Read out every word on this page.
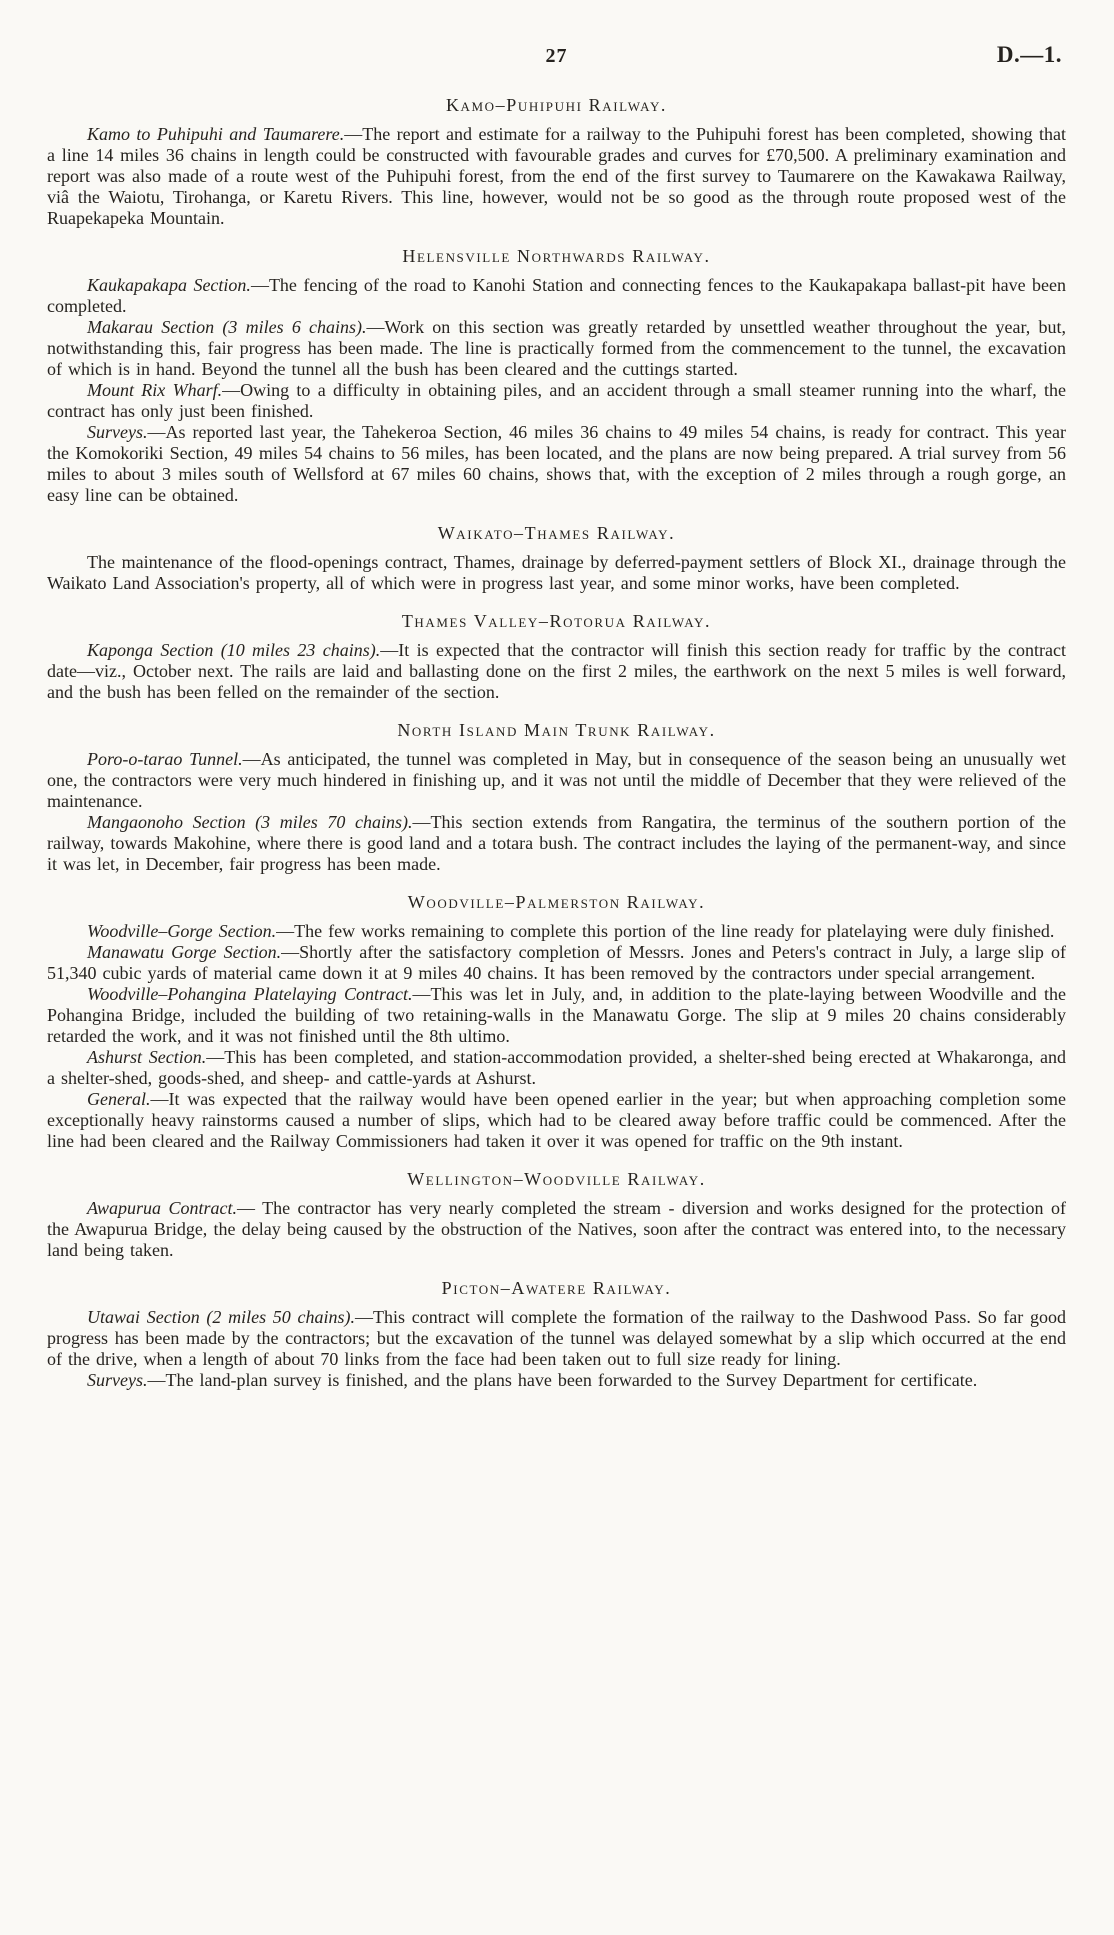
27	D.—1.
Kamo–Puhipuhi Railway.

Kamo to Puhipuhi and Taumarere.—The report and estimate for a railway to the Puhipuhi forest has been completed, showing that a line 14 miles 36 chains in length could be constructed with favourable grades and curves for £70,500. A preliminary examination and report was also made of a route west of the Puhipuhi forest, from the end of the first survey to Taumarere on the Kawakawa Railway, viâ the Waiotu, Tirohanga, or Karetu Rivers. This line, however, would not be so good as the through route proposed west of the Ruapekapeka Mountain.

Helensville Northwards Railway.

Kaukapakapa Section.—The fencing of the road to Kanohi Station and connecting fences to the Kaukapakapa ballast-pit have been completed.

Makarau Section (3 miles 6 chains).—Work on this section was greatly retarded by unsettled weather throughout the year, but, notwithstanding this, fair progress has been made. The line is practically formed from the commencement to the tunnel, the excavation of which is in hand. Beyond the tunnel all the bush has been cleared and the cuttings started.

Mount Rix Wharf.—Owing to a difficulty in obtaining piles, and an accident through a small steamer running into the wharf, the contract has only just been finished.

Surveys.—As reported last year, the Tahekeroa Section, 46 miles 36 chains to 49 miles 54 chains, is ready for contract. This year the Komokoriki Section, 49 miles 54 chains to 56 miles, has been located, and the plans are now being prepared. A trial survey from 56 miles to about 3 miles south of Wellsford at 67 miles 60 chains, shows that, with the exception of 2 miles through a rough gorge, an easy line can be obtained.

Waikato–Thames Railway.

The maintenance of the flood-openings contract, Thames, drainage by deferred-payment settlers of Block XI., drainage through the Waikato Land Association's property, all of which were in progress last year, and some minor works, have been completed.

Thames Valley–Rotorua Railway.

Kaponga Section (10 miles 23 chains).—It is expected that the contractor will finish this section ready for traffic by the contract date—viz., October next. The rails are laid and ballasting done on the first 2 miles, the earthwork on the next 5 miles is well forward, and the bush has been felled on the remainder of the section.

North Island Main Trunk Railway.

Poro-o-tarao Tunnel.—As anticipated, the tunnel was completed in May, but in consequence of the season being an unusually wet one, the contractors were very much hindered in finishing up, and it was not until the middle of December that they were relieved of the maintenance.

Mangaonoho Section (3 miles 70 chains).—This section extends from Rangatira, the terminus of the southern portion of the railway, towards Makohine, where there is good land and a totara bush. The contract includes the laying of the permanent-way, and since it was let, in December, fair progress has been made.

Woodville–Palmerston Railway.

Woodville–Gorge Section.—The few works remaining to complete this portion of the line ready for platelaying were duly finished.

Manawatu Gorge Section.—Shortly after the satisfactory completion of Messrs. Jones and Peters's contract in July, a large slip of 51,340 cubic yards of material came down it at 9 miles 40 chains. It has been removed by the contractors under special arrangement.

Woodville–Pohangina Platelaying Contract.—This was let in July, and, in addition to the plate-laying between Woodville and the Pohangina Bridge, included the building of two retaining-walls in the Manawatu Gorge. The slip at 9 miles 20 chains considerably retarded the work, and it was not finished until the 8th ultimo.

Ashurst Section.—This has been completed, and station-accommodation provided, a shelter-shed being erected at Whakaronga, and a shelter-shed, goods-shed, and sheep- and cattle-yards at Ashurst.

General.—It was expected that the railway would have been opened earlier in the year; but when approaching completion some exceptionally heavy rainstorms caused a number of slips, which had to be cleared away before traffic could be commenced. After the line had been cleared and the Railway Commissioners had taken it over it was opened for traffic on the 9th instant.

Wellington–Woodville Railway.

Awapurua Contract.— The contractor has very nearly completed the stream - diversion and works designed for the protection of the Awapurua Bridge, the delay being caused by the obstruction of the Natives, soon after the contract was entered into, to the necessary land being taken.

Picton–Awatere Railway.

Utawai Section (2 miles 50 chains).—This contract will complete the formation of the railway to the Dashwood Pass. So far good progress has been made by the contractors; but the excavation of the tunnel was delayed somewhat by a slip which occurred at the end of the drive, when a length of about 70 links from the face had been taken out to full size ready for lining.

Surveys.—The land-plan survey is finished, and the plans have been forwarded to the Survey Department for certificate.
